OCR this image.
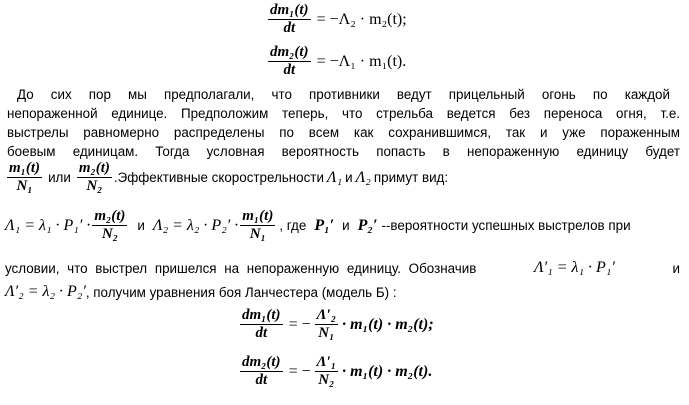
$\frac{\text{dm₁(t)}}{dt} = -\Lambda_2 \cdot m_2(t)$;
$\frac{\text{dm₂(t)}}{dt} = -\Lambda_1 \cdot m_1(t)$.
До сих пор мы предполагали, что противники ведут прицельный огонь по каждой
непораженной единице. Предположим теперь, что стрельба ведется без переноса огня, т.е.
выстрелы равномерно распределены по всем как сохранившимся, так и уже пораженным
боевым единицам. Тогда условная вероятность попасть в непораженную единицу будет
$\frac{\text{m₁(t)}}{\text{N₁}}$ или $\frac{\text{m₂(t)}}{\text{N₂}}$ .Эффективные скорострельности Λ₁ и Λ₂ примут вид:
$\Lambda_1 = \lambda_1 \cdot P_1' \cdot \frac{\text{m₂(t)}}{\text{N₂}}$ и $\Lambda_2 = \lambda_2 \cdot P_2' \cdot \frac{\text{m₁(t)}}{\text{N₁}}$ , где P₁′ и P₂′ --вероятности успешных выстрелов при
условии, что выстрел пришелся на непораженную единицу. Обозначив	Λ′₁ = λ₁ · P₁′	и
Λ′₂ = λ₂ · P₂′ , получим уравнения боя Ланчестера (модель Б) :
$\frac{\text{dm₁(t)}}{dt}$ = − $\frac{\text{Λ′₂}}{\text{N₁}} \cdot m_1(t) \cdot m_2(t)$;
$\frac{\text{dm₂(t)}}{dt}$ = − $\frac{\text{Λ′₁}}{\text{N₂}} \cdot m_1(t) \cdot m_2(t)$.
